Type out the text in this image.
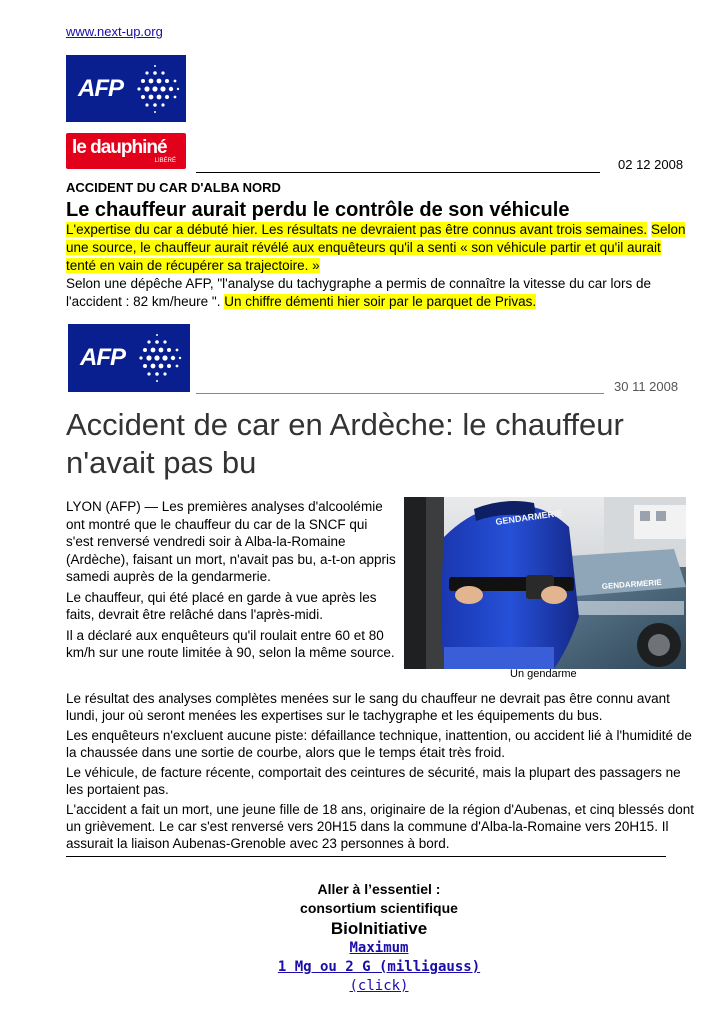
www.next-up.org
AFP
le dauphiné
LIBÉRÉ	02 12 2008
ACCIDENT DU CAR D'ALBA NORD
Le chauffeur aurait perdu le contrôle de son véhicule
L'expertise du car a débuté hier. Les résultats ne devraient pas être connus avant trois semaines. Selon une source, le chauffeur aurait révélé aux enquêteurs qu'il a senti « son véhicule partir et qu'il aurait tenté en vain de récupérer sa trajectoire. »
Selon une dépêche AFP, "l'analyse du tachygraphe a permis de connaître la vitesse du car lors de l'accident : 82 km/heure ". Un chiffre démenti hier soir par le parquet de Privas.
AFP
30 11 2008
Accident de car en Ardèche: le chauffeur n'avait pas bu

LYON (AFP) — Les premières analyses d'alcoolémie ont montré que le chauffeur du car de la SNCF qui s'est renversé vendredi soir à Alba-la-Romaine (Ardèche), faisant un mort, n'avait pas bu, a-t-on appris samedi auprès de la gendarmerie.

Le chauffeur, qui été placé en garde à vue après les faits, devrait être relâché dans l'après-midi.

Il a déclaré aux enquêteurs qu'il roulait entre 60 et 80 km/h sur une route limitée à 90, selon la même source.

GENDARMERIE
GENDARMERIE
Un gendarme

Le résultat des analyses complètes menées sur le sang du chauffeur ne devrait pas être connu avant lundi, jour où seront menées les expertises sur le tachygraphe et les équipements du bus.

Les enquêteurs n'excluent aucune piste: défaillance technique, inattention, ou accident lié à l'humidité de la chaussée dans une sortie de courbe, alors que le temps était très froid.

Le véhicule, de facture récente, comportait des ceintures de sécurité, mais la plupart des passagers ne les portaient pas.

L'accident a fait un mort, une jeune fille de 18 ans, originaire de la région d'Aubenas, et cinq blessés dont un grièvement. Le car s'est renversé vers 20H15 dans la commune d'Alba-la-Romaine vers 20H15. Il assurait la liaison Aubenas-Grenoble avec 23 personnes à bord.

Aller à l’essentiel :
consortium scientifique
BioInitiative
Maximum
1 Mg ou 2 G (milligauss)
(click)
